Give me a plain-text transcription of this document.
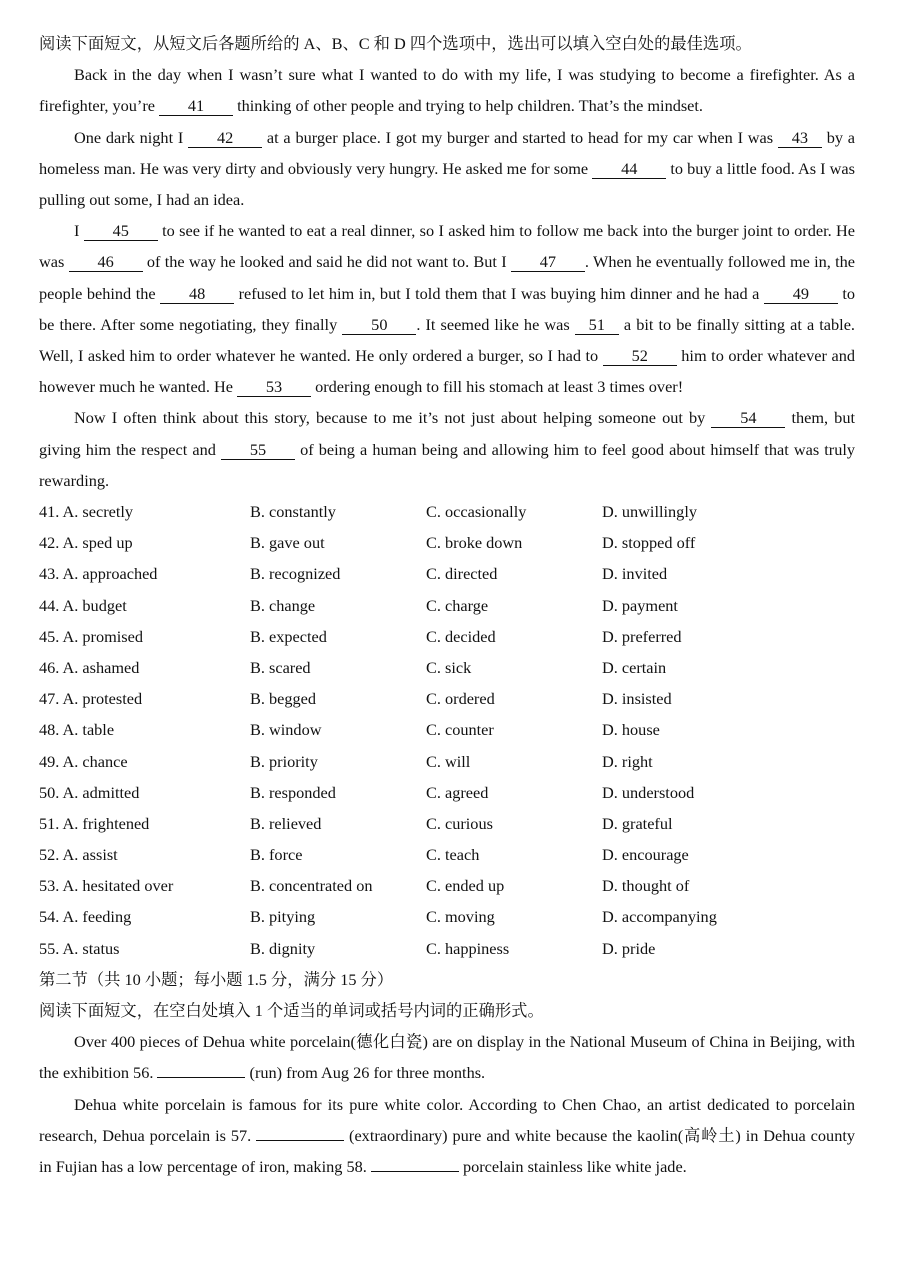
阅读下面短文，从短文后各题所给的 A、B、C 和 D 四个选项中，选出可以填入空白处的最佳选项。

Back in the day when I wasn’t sure what I wanted to do with my life, I was studying to become a firefighter. As a firefighter, you’re 41 thinking of other people and trying to help children. That’s the mindset.

One dark night I 42 at a burger place. I got my burger and started to head for my car when I was 43 by a homeless man. He was very dirty and obviously very hungry. He asked me for some 44 to buy a little food. As I was pulling out some, I had an idea.

I 45 to see if he wanted to eat a real dinner, so I asked him to follow me back into the burger joint to order. He was 46 of the way he looked and said he did not want to. But I 47 . When he eventually followed me in, the people behind the 48 refused to let him in, but I told them that I was buying him dinner and he had a 49 to be there. After some negotiating, they finally 50 . It seemed like he was 51 a bit to be finally sitting at a table. Well, I asked him to order whatever he wanted. He only ordered a burger, so I had to 52 him to order whatever and however much he wanted. He 53 ordering enough to fill his stomach at least 3 times over!

Now I often think about this story, because to me it’s not just about helping someone out by 54 them, but giving him the respect and 55 of being a human being and allowing him to feel good about himself that was truly rewarding.

41. A. secretly	B. constantly	C. occasionally	D. unwillingly
42. A. sped up	B. gave out	C. broke down	D. stopped off
43. A. approached	B. recognized	C. directed	D. invited
44. A. budget	B. change	C. charge	D. payment
45. A. promised	B. expected	C. decided	D. preferred
46. A. ashamed	B. scared	C. sick	D. certain
47. A. protested	B. begged	C. ordered	D. insisted
48. A. table	B. window	C. counter	D. house
49. A. chance	B. priority	C. will	D. right
50. A. admitted	B. responded	C. agreed	D. understood
51. A. frightened	B. relieved	C. curious	D. grateful
52. A. assist	B. force	C. teach	D. encourage
53. A. hesitated over	B. concentrated on	C. ended up	D. thought of
54. A. feeding	B. pitying	C. moving	D. accompanying
55. A. status	B. dignity	C. happiness	D. pride
第二节（共 10 小题；每小题 1.5 分，满分 15 分）
阅读下面短文，在空白处填入 1 个适当的单词或括号内词的正确形式。

Over 400 pieces of Dehua white porcelain(德化白瓷) are on display in the National Museum of China in Beijing, with the exhibition 56.	(run) from Aug 26 for three months.

Dehua white porcelain is famous for its pure white color. According to Chen Chao, an artist dedicated to porcelain research, Dehua porcelain is 57.	(extraordinary) pure and white because the kaolin(高岭土) in Dehua county in Fujian has a low percentage of iron, making 58.	porcelain stainless like white jade.
